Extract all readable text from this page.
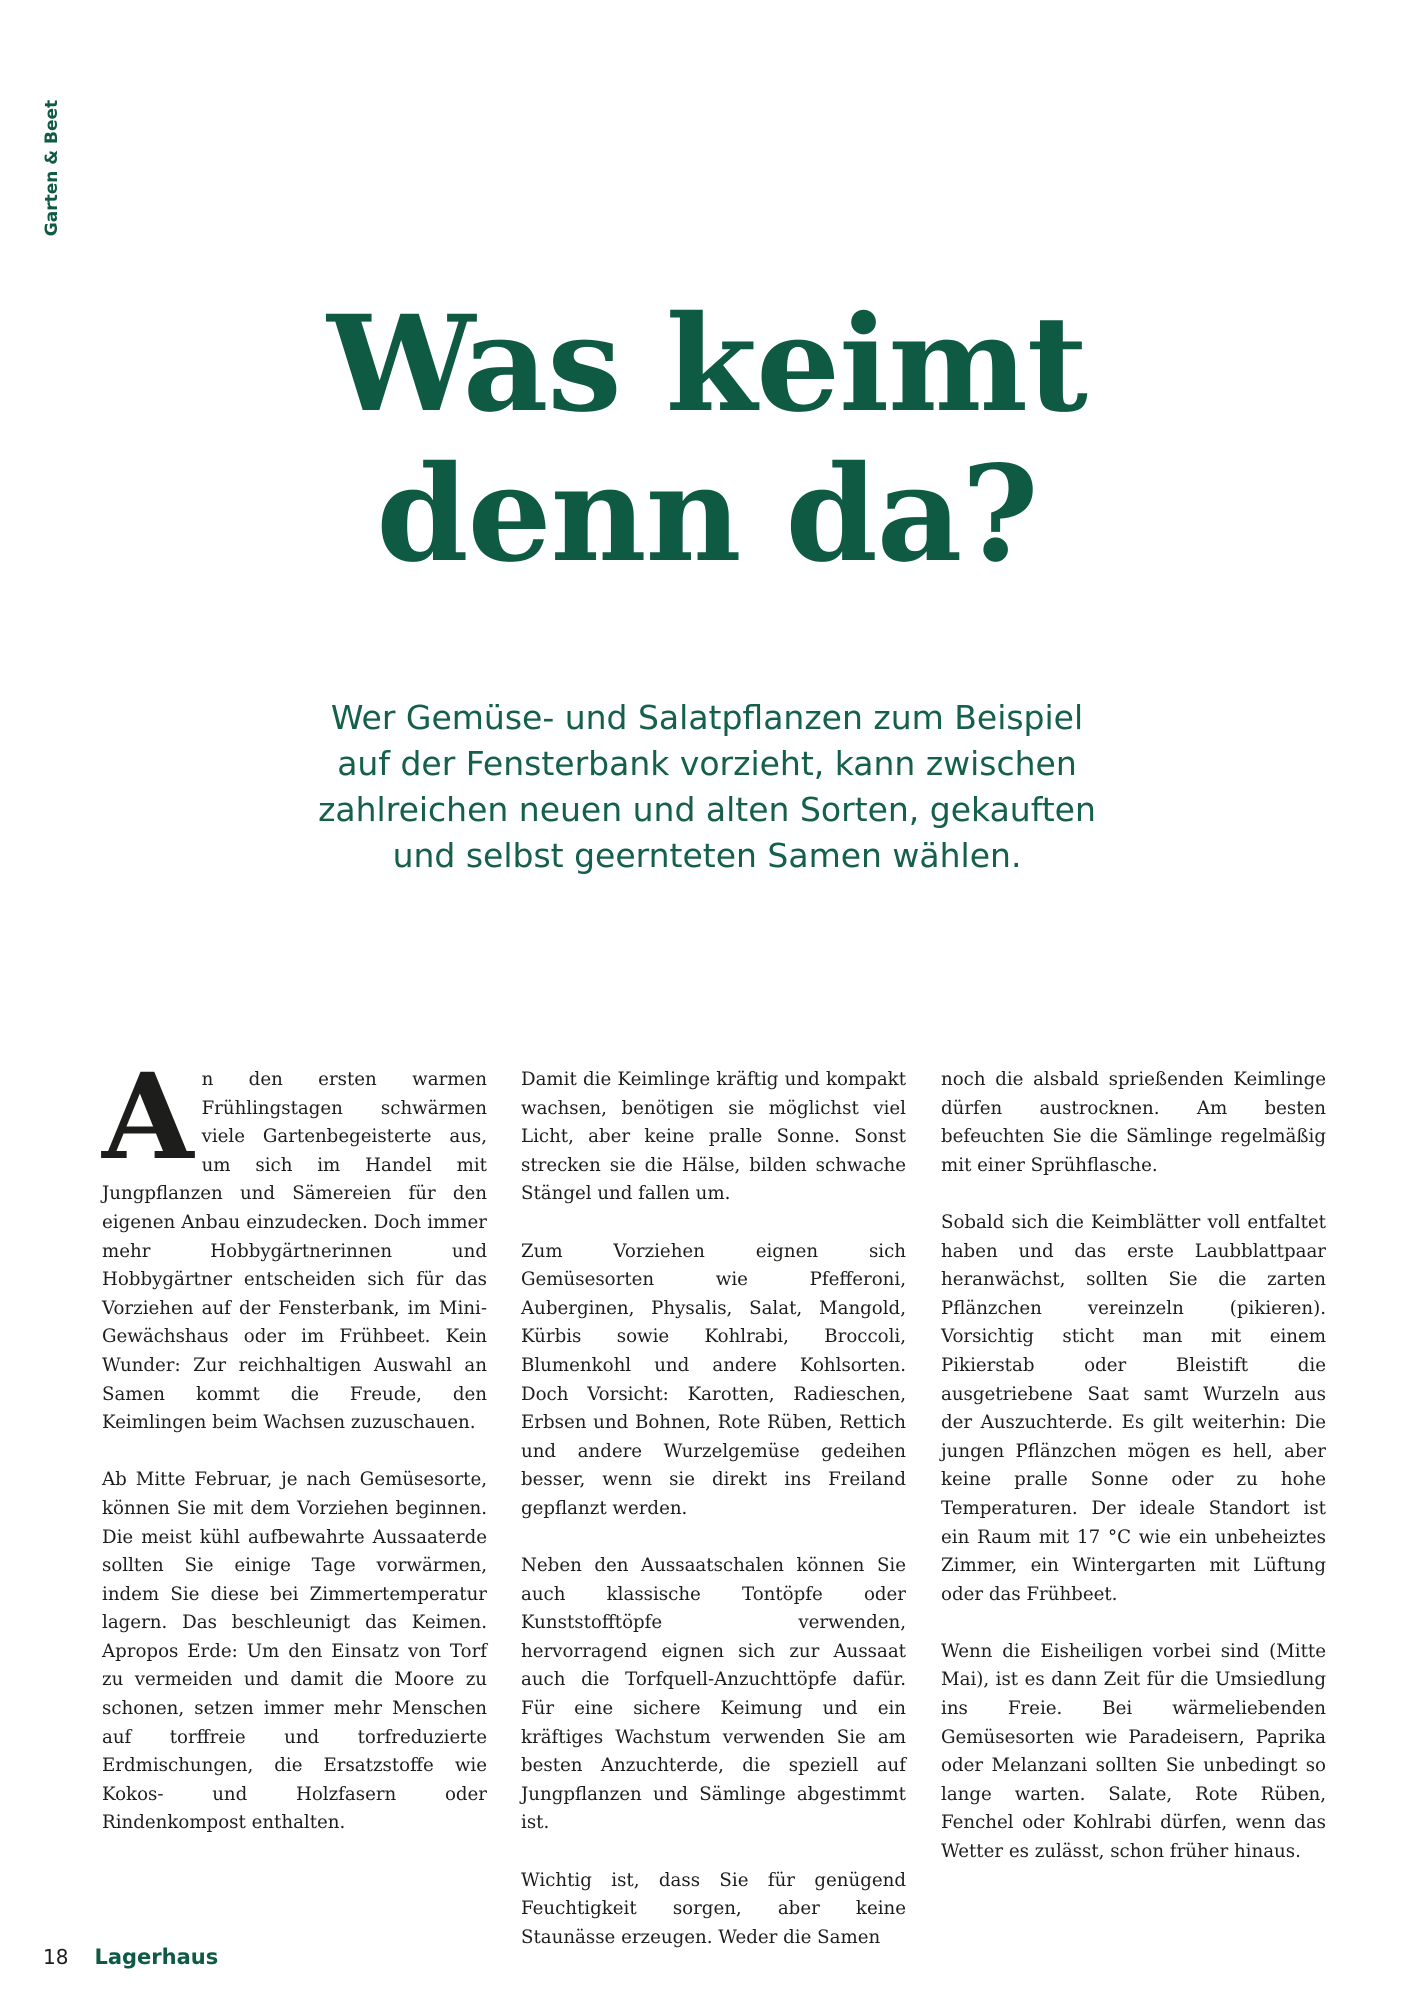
Garten & Beet
Was keimt
denn da?

Wer Gemüse- und Salatpflanzen zum Beispiel
auf der Fensterbank vorzieht, kann zwischen
zahlreichen neuen und alten Sorten, gekauften
und selbst geernteten Samen wählen.

An den ersten warmen Frühlingstagen schwärmen viele Gartenbegeisterte aus, um sich im Handel mit Jungpflanzen und Sämereien für den eigenen Anbau einzudecken. Doch immer mehr Hobbygärtnerinnen und Hobbygärtner entscheiden sich für das Vorziehen auf der Fensterbank, im Mini-Gewächshaus oder im Frühbeet. Kein Wunder: Zur reichhaltigen Auswahl an Samen kommt die Freude, den Keimlingen beim Wachsen zuzuschauen.

Ab Mitte Februar, je nach Gemüsesorte, können Sie mit dem Vorziehen beginnen. Die meist kühl aufbewahrte Aussaaterde sollten Sie einige Tage vorwärmen, indem Sie diese bei Zimmertemperatur lagern. Das beschleunigt das Keimen. Apropos Erde: Um den Einsatz von Torf zu vermeiden und damit die Moore zu schonen, setzen immer mehr Menschen auf torffreie und torfreduzierte Erdmischungen, die Ersatzstoffe wie Kokos- und Holzfasern oder Rindenkompost enthalten.

Damit die Keimlinge kräftig und kompakt wachsen, benötigen sie möglichst viel Licht, aber keine pralle Sonne. Sonst strecken sie die Hälse, bilden schwache Stängel und fallen um.

Zum Vorziehen eignen sich Gemüsesorten wie Pfefferoni, Auberginen, Physalis, Salat, Mangold, Kürbis sowie Kohlrabi, Broccoli, Blumenkohl und andere Kohlsorten. Doch Vorsicht: Karotten, Radieschen, Erbsen und Bohnen, Rote Rüben, Rettich und andere Wurzelgemüse gedeihen besser, wenn sie direkt ins Freiland gepflanzt werden.

Neben den Aussaatschalen können Sie auch klassische Tontöpfe oder Kunststofftöpfe verwenden, hervorragend eignen sich zur Aussaat auch die Torfquell-Anzuchttöpfe dafür. Für eine sichere Keimung und ein kräftiges Wachstum verwenden Sie am besten Anzuchterde, die speziell auf Jungpflanzen und Sämlinge abgestimmt ist.

Wichtig ist, dass Sie für genügend Feuchtigkeit sorgen, aber keine Staunässe erzeugen. Weder die Samen

noch die alsbald sprießenden Keimlinge dürfen austrocknen. Am besten befeuchten Sie die Sämlinge regelmäßig mit einer Sprühflasche.

Sobald sich die Keimblätter voll entfaltet haben und das erste Laubblattpaar heranwächst, sollten Sie die zarten Pflänzchen vereinzeln (pikieren). Vorsichtig sticht man mit einem Pikierstab oder Bleistift die ausgetriebene Saat samt Wurzeln aus der Auszuchterde. Es gilt weiterhin: Die jungen Pflänzchen mögen es hell, aber keine pralle Sonne oder zu hohe Temperaturen. Der ideale Standort ist ein Raum mit 17 °C wie ein unbeheiztes Zimmer, ein Wintergarten mit Lüftung oder das Frühbeet.

Wenn die Eisheiligen vorbei sind (Mitte Mai), ist es dann Zeit für die Umsiedlung ins Freie. Bei wärmeliebenden Gemüsesorten wie Paradeisern, Paprika oder Melanzani sollten Sie unbedingt so lange warten. Salate, Rote Rüben, Fenchel oder Kohlrabi dürfen, wenn das Wetter es zulässt, schon früher hinaus.

18 Lagerhaus
